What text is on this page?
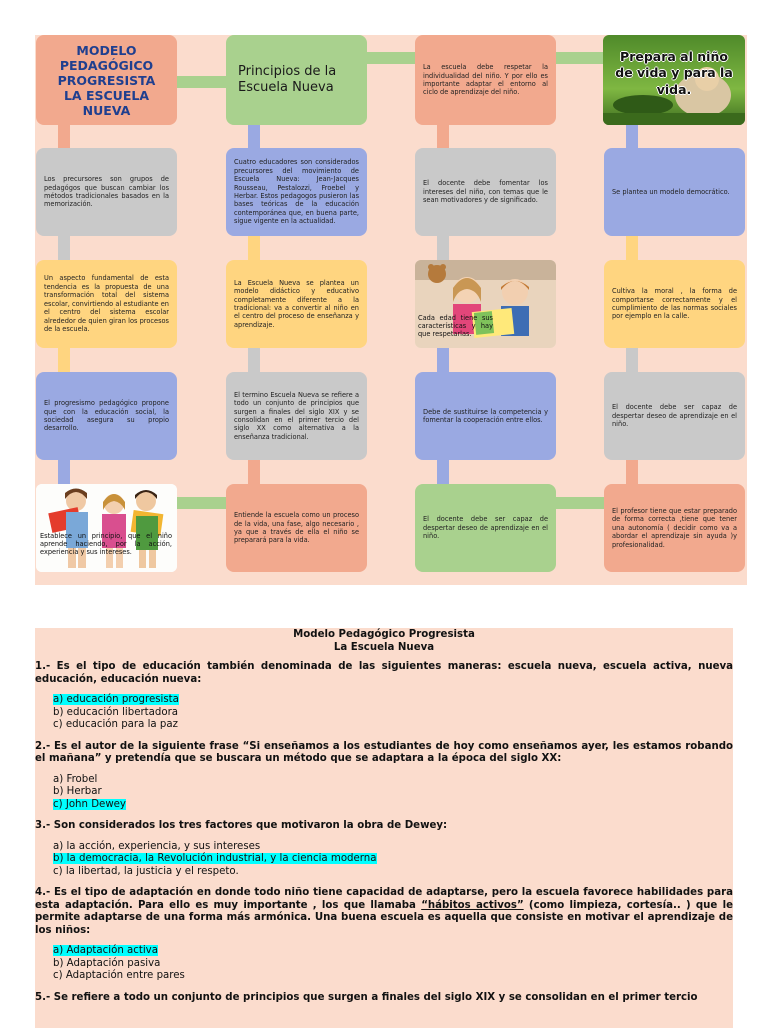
MODELO
PEDAGÓGICO
PROGRESISTA
LA ESCUELA
NUEVA
Los precursores son grupos de pedagógos que buscan cambiar los métodos tradicionales basados en la memorización.
Un aspecto fundamental de esta tendencia es la propuesta de una transformación total del sistema escolar, convirtiendo al estudiante en el centro del sistema escolar alrededor de quien giran los procesos de la escuela.
El progresismo pedagógico propone que con la educación social, la sociedad asegura su propio desarrollo.
Establece un principio, que el niño aprende haciendo, por la acción, experiencia y sus intereses.
Principios de la
Escuela Nueva
Cuatro educadores son considerados precursores del movimiento de Escuela Nueva: Jean-Jacques Rousseau, Pestalozzi, Froebel y Herbar. Estos pedagogos pusieron las bases teóricas de la educación contemporánea que, en buena parte, sigue vigente en la actualidad.
La Escuela Nueva se plantea un modelo didáctico y educativo completamente diferente a la tradicional: va a convertir al niño en el centro del proceso de enseñanza y aprendizaje.
El termino Escuela Nueva se refiere a todo un conjunto de principios que surgen a finales del siglo XIX y se consolidan en el primer tercio del siglo XX como alternativa a la enseñanza tradicional.
Entiende la escuela como un proceso de la vida, una fase, algo necesario , ya que a través de ella el niño se preparará para la vida.
La escuela debe respetar la individualidad del niño. Y por ello es importante adaptar el entorno al ciclo de aprendizaje del niño.
El docente debe fomentar los intereses del niño, con temas que le sean motivadores y de significado.
Cada edad tiene sus características y hay que respetarlas.
Debe de sustituirse la competencia y fomentar la cooperación entre ellos.
El docente debe ser capaz de despertar deseo de aprendizaje en el niño.
Prepara al niño de vida y para la vida.
Se plantea un modelo democrático.
Cultiva la moral , la forma de comportarse correctamente y el cumplimiento de las normas sociales por ejemplo en la calle.
El docente debe ser capaz de despertar deseo de aprendizaje en el niño.
El profesor tiene que estar preparado de forma correcta ,tiene que tener una autonomía ( decidir como va a abordar el aprendizaje sin ayuda )y profesionalidad.
Modelo Pedagógico Progresista
La Escuela Nueva

1.- Es el tipo de educación también denominada de las siguientes maneras: escuela nueva, escuela activa, nueva educación, educación nueva:

a) educación progresista
b) educación libertadora
c) educación para la paz

2.- Es el autor de la siguiente frase “Si enseñamos a los estudiantes de hoy como enseñamos ayer, les estamos robando el mañana” y pretendía que se buscara un método que se adaptara a la época del siglo XX:

a) Frobel
b) Herbar
c) John Dewey

3.- Son considerados los tres factores que motivaron la obra de Dewey:

a) la acción, experiencia, y sus intereses
b) la democracia, la Revolución industrial, y la ciencia moderna
c) la libertad, la justicia y el respeto.

4.- Es el tipo de adaptación en donde todo niño tiene capacidad de adaptarse, pero la escuela favorece habilidades para esta adaptación. Para ello es muy importante , los que llamaba “hábitos activos” (como limpieza, cortesía.. ) que le permite adaptarse de una forma más armónica. Una buena escuela es aquella que consiste en motivar el aprendizaje de los niños:

a) Adaptación activa
b) Adaptación pasiva
c) Adaptación entre pares

5.- Se refiere a todo un conjunto de principios que surgen a finales del siglo XIX y se consolidan en el primer tercio
